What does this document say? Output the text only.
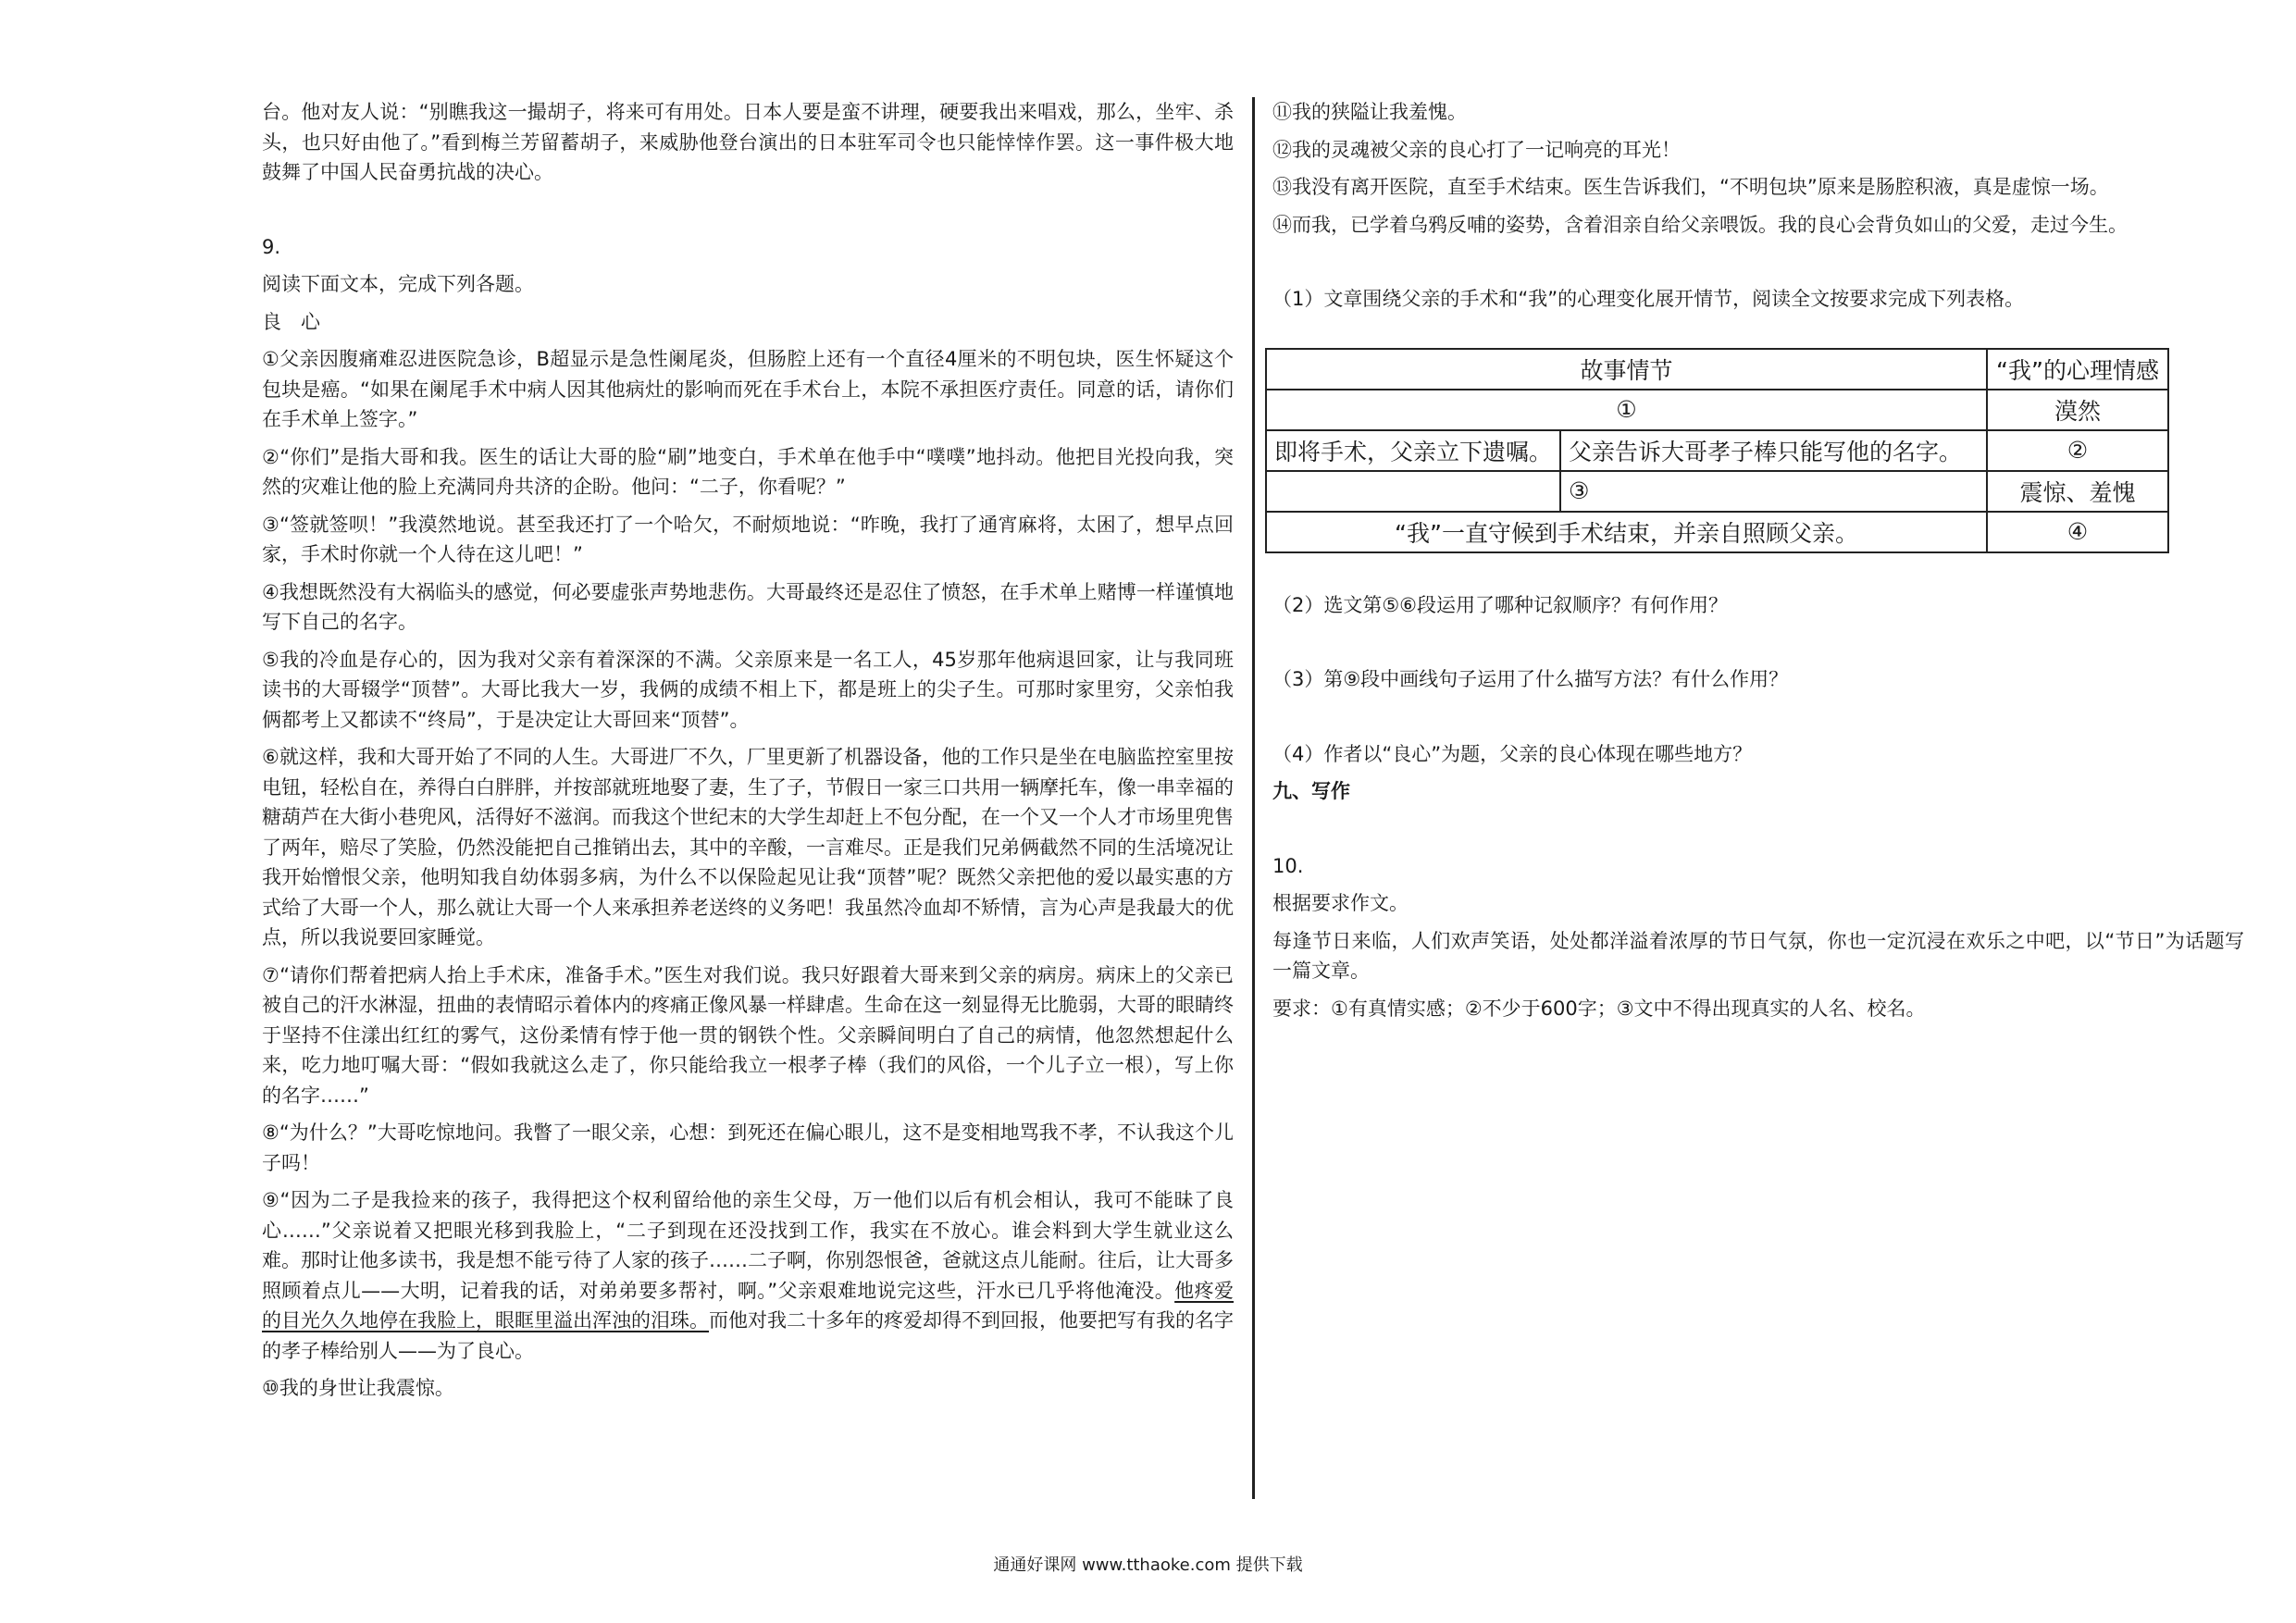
台。他对友人说：“别瞧我这一撮胡子，将来可有用处。日本人要是蛮不讲理，硬要我出来唱戏，那么，坐牢、杀头，也只好由他了。”看到梅兰芳留蓄胡子，来威胁他登台演出的日本驻军司令也只能悻悻作罢。这一事件极大地鼓舞了中国人民奋勇抗战的决心。

9.

阅读下面文本，完成下列各题。

良　心

①父亲因腹痛难忍进医院急诊，B超显示是急性阑尾炎，但肠腔上还有一个直径4厘米的不明包块，医生怀疑这个包块是癌。“如果在阑尾手术中病人因其他病灶的影响而死在手术台上，本院不承担医疗责任。同意的话，请你们在手术单上签字。”

②“你们”是指大哥和我。医生的话让大哥的脸“刷”地变白，手术单在他手中“噗噗”地抖动。他把目光投向我，突然的灾难让他的脸上充满同舟共济的企盼。他问：“二子，你看呢？”

③“签就签呗！”我漠然地说。甚至我还打了一个哈欠，不耐烦地说：“昨晚，我打了通宵麻将，太困了，想早点回家，手术时你就一个人待在这儿吧！”

④我想既然没有大祸临头的感觉，何必要虚张声势地悲伤。大哥最终还是忍住了愤怒，在手术单上赌博一样谨慎地写下自己的名字。

⑤我的冷血是存心的，因为我对父亲有着深深的不满。父亲原来是一名工人，45岁那年他病退回家，让与我同班读书的大哥辍学“顶替”。大哥比我大一岁，我俩的成绩不相上下，都是班上的尖子生。可那时家里穷，父亲怕我俩都考上又都读不“终局”，于是决定让大哥回来“顶替”。

⑥就这样，我和大哥开始了不同的人生。大哥进厂不久，厂里更新了机器设备，他的工作只是坐在电脑监控室里按电钮，轻松自在，养得白白胖胖，并按部就班地娶了妻，生了子，节假日一家三口共用一辆摩托车，像一串幸福的糖葫芦在大街小巷兜风，活得好不滋润。而我这个世纪末的大学生却赶上不包分配，在一个又一个人才市场里兜售了两年，赔尽了笑脸，仍然没能把自己推销出去，其中的辛酸，一言难尽。正是我们兄弟俩截然不同的生活境况让我开始憎恨父亲，他明知我自幼体弱多病，为什么不以保险起见让我“顶替”呢？既然父亲把他的爱以最实惠的方式给了大哥一个人，那么就让大哥一个人来承担养老送终的义务吧！我虽然冷血却不矫情，言为心声是我最大的优点，所以我说要回家睡觉。

⑦“请你们帮着把病人抬上手术床，准备手术。”医生对我们说。我只好跟着大哥来到父亲的病房。病床上的父亲已被自己的汗水淋湿，扭曲的表情昭示着体内的疼痛正像风暴一样肆虐。生命在这一刻显得无比脆弱，大哥的眼睛终于坚持不住漾出红红的雾气，这份柔情有悖于他一贯的钢铁个性。父亲瞬间明白了自己的病情，他忽然想起什么来，吃力地叮嘱大哥：“假如我就这么走了，你只能给我立一根孝子棒（我们的风俗，一个儿子立一根），写上你的名字……”

⑧“为什么？”大哥吃惊地问。我瞥了一眼父亲，心想：到死还在偏心眼儿，这不是变相地骂我不孝，不认我这个儿子吗！

⑨“因为二子是我捡来的孩子，我得把这个权利留给他的亲生父母，万一他们以后有机会相认，我可不能昧了良心……”父亲说着又把眼光移到我脸上，“二子到现在还没找到工作，我实在不放心。谁会料到大学生就业这么难。那时让他多读书，我是想不能亏待了人家的孩子……二子啊，你别怨恨爸，爸就这点儿能耐。往后，让大哥多照顾着点儿——大明，记着我的话，对弟弟要多帮衬，啊。”父亲艰难地说完这些，汗水已几乎将他淹没。他疼爱的目光久久地停在我脸上，眼眶里溢出浑浊的泪珠。而他对我二十多年的疼爱却得不到回报，他要把写有我的名字的孝子棒给别人——为了良心。

⑩我的身世让我震惊。

⑪我的狭隘让我羞愧。

⑫我的灵魂被父亲的良心打了一记响亮的耳光！

⑬我没有离开医院，直至手术结束。医生告诉我们，“不明包块”原来是肠腔积液，真是虚惊一场。

⑭而我，已学着乌鸦反哺的姿势，含着泪亲自给父亲喂饭。我的良心会背负如山的父爱，走过今生。

（1）文章围绕父亲的手术和“我”的心理变化展开情节，阅读全文按要求完成下列表格。

故事情节		“我”的心理情感
①		漠然
即将手术，父亲立下遗嘱。	父亲告诉大哥孝子棒只能写他的名字。	②
	③	震惊、羞愧
“我”一直守候到手术结束，并亲自照顾父亲。		④

（2）选文第⑤⑥段运用了哪种记叙顺序？有何作用？

（3）第⑨段中画线句子运用了什么描写方法？有什么作用？

（4）作者以“良心”为题，父亲的良心体现在哪些地方？

九、写作

10.

根据要求作文。

每逢节日来临，人们欢声笑语，处处都洋溢着浓厚的节日气氛，你也一定沉浸在欢乐之中吧，以“节日”为话题写一篇文章。

要求：①有真情实感；②不少于600字；③文中不得出现真实的人名、校名。

通通好课网 www.tthaoke.com 提供下载
